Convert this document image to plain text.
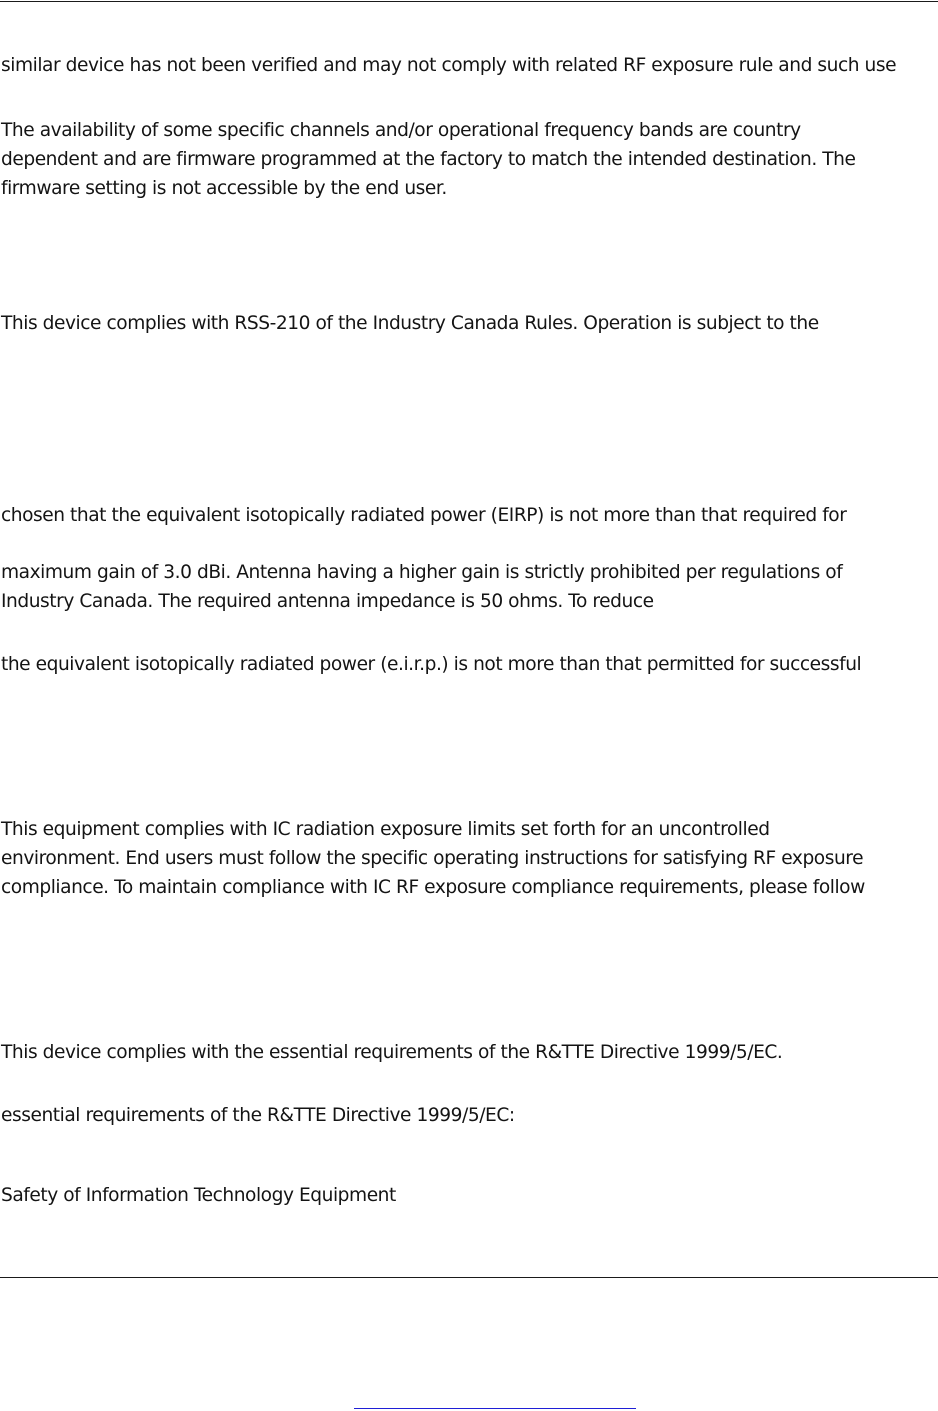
similar device has not been verified and may not comply with related RF exposure rule and such use

The availability of some specific channels and/or operational frequency bands are country
dependent and are firmware programmed at the factory to match the intended destination. The
firmware setting is not accessible by the end user.

This device complies with RSS-210 of the Industry Canada Rules. Operation is subject to the

chosen that the equivalent isotopically radiated power (EIRP) is not more than that required for

maximum gain of 3.0 dBi. Antenna having a higher gain is strictly prohibited per regulations of
Industry Canada. The required antenna impedance is 50 ohms. To reduce

the equivalent isotopically radiated power (e.i.r.p.) is not more than that permitted for successful

This equipment complies with IC radiation exposure limits set forth for an uncontrolled
environment. End users must follow the specific operating instructions for satisfying RF exposure
compliance. To maintain compliance with IC RF exposure compliance requirements, please follow

This device complies with the essential requirements of the R&TTE Directive 1999/5/EC.

essential requirements of the R&TTE Directive 1999/5/EC:

Safety of Information Technology Equipment
